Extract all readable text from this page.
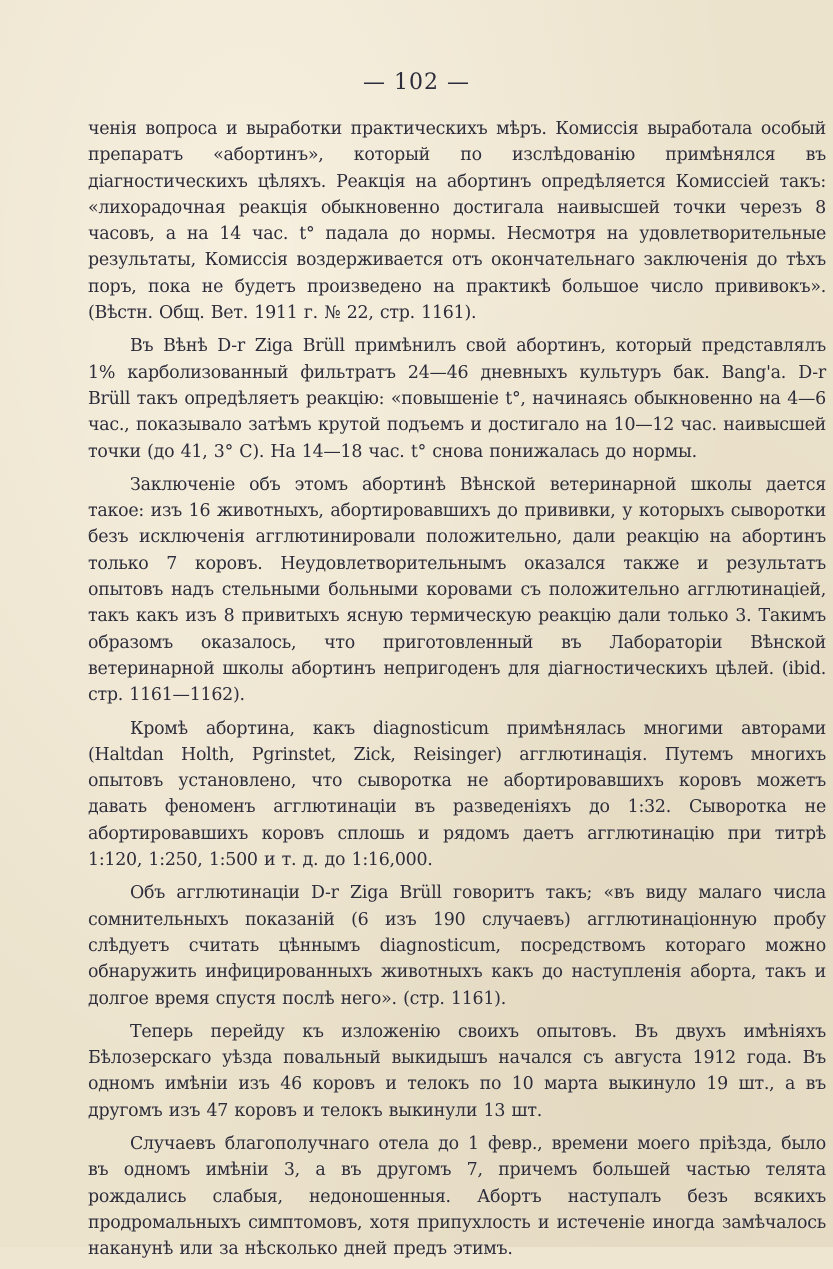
— 102 —

ченія вопроса и выработки практическихъ мѣръ. Комиссія выработала особый препаратъ «абортинъ», который по изслѣдованію примѣнялся въ діагностическихъ цѣляхъ. Реакція на абортинъ опредѣляется Комиссіей такъ: «лихорадочная реакція обыкновенно достигала наивысшей точки черезъ 8 часовъ, а на 14 час. t° падала до нормы. Несмотря на удовлетворительные результаты, Комиссія воздерживается отъ окончательнаго заключенія до тѣхъ поръ, пока не будетъ произведено на практикѣ большое число прививокъ». (Вѣстн. Общ. Вет. 1911 г. № 22, стр. 1161).

Въ Вѣнѣ D-r Ziga Brüll примѣнилъ свой абортинъ, который представлялъ 1% карболизованный фильтратъ 24—46 дневныхъ культуръ бак. Bang'a. D-r Brüll такъ опредѣляетъ реакцію: «повышеніе t°, начинаясь обыкновенно на 4—6 час., показывало затѣмъ крутой подъемъ и достигало на 10—12 час. наивысшей точки (до 41, 3° С). На 14—18 час. t° снова понижалась до нормы.

Заключеніе объ этомъ абортинѣ Вѣнской ветеринарной школы дается такое: изъ 16 животныхъ, абортировавшихъ до прививки, у которыхъ сыворотки безъ исключенія агглютинировали положительно, дали реакцію на абортинъ только 7 коровъ. Неудовлетворительнымъ оказался также и результатъ опытовъ надъ стельными больными коровами съ положительно агглютинаціей, такъ какъ изъ 8 привитыхъ ясную термическую реакцію дали только 3. Такимъ образомъ оказалось, что приготовленный въ Лабораторіи Вѣнской ветеринарной школы абортинъ непригоденъ для діагностическихъ цѣлей. (ibid. стр. 1161—1162).

Кромѣ абортина, какъ diagnosticum примѣнялась многими авторами (Haltdan Holth, Pgrinstet, Zick, Reisinger) агглютинація. Путемъ многихъ опытовъ установлено, что сыворотка не абортировавшихъ коровъ можетъ давать феноменъ агглютинаціи въ разведеніяхъ до 1:32. Сыворотка не абортировавшихъ коровъ сплошь и рядомъ даетъ агглютинацію при титрѣ 1:120, 1:250, 1:500 и т. д. до 1:16,000.

Объ агглютинаціи D-r Ziga Brüll говоритъ такъ; «въ виду малаго числа сомнительныхъ показаній (6 изъ 190 случаевъ) агглютинаціонную пробу слѣдуетъ считать цѣннымъ diagnosticum, посредствомъ котораго можно обнаружить инфицированныхъ животныхъ какъ до наступленія аборта, такъ и долгое время спустя послѣ него». (стр. 1161).

Теперь перейду къ изложенію своихъ опытовъ. Въ двухъ имѣніяхъ Бѣлозерскаго уѣзда повальный выкидышъ начался съ августа 1912 года. Въ одномъ имѣніи изъ 46 коровъ и телокъ по 10 марта выкинуло 19 шт., а въ другомъ изъ 47 коровъ и телокъ выкинули 13 шт.

Случаевъ благополучнаго отела до 1 февр., времени моего пріѣзда, было въ одномъ имѣніи 3, а въ другомъ 7, причемъ большей частью телята рождались слабыя, недоношенныя. Абортъ наступалъ безъ всякихъ продромальныхъ симптомовъ, хотя припухлость и истеченіе иногда замѣчалось наканунѣ или за нѣсколько дней предъ этимъ.
